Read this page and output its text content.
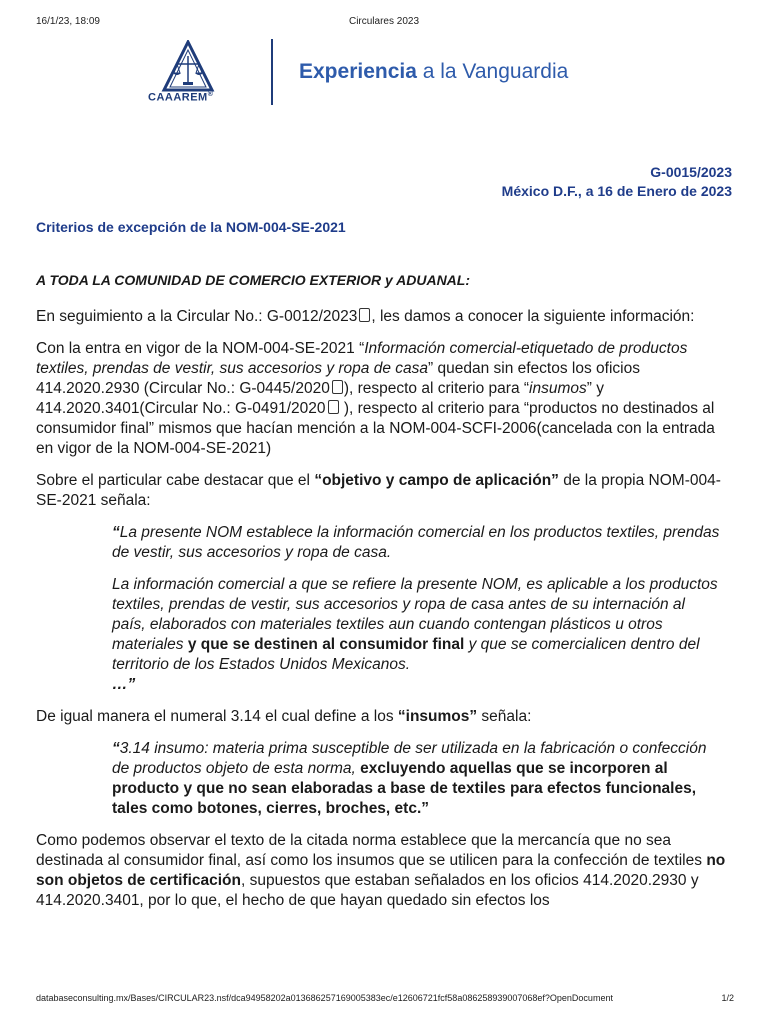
16/1/23, 18:09	Circulares 2023
CAAAREM®
Experiencia a la Vanguardia
G-0015/2023
México D.F., a 16 de Enero de 2023
Criterios de excepción de la NOM-004-SE-2021

A TODA LA COMUNIDAD DE COMERCIO EXTERIOR y ADUANAL:

En seguimiento a la Circular No.: G-0012/2023 , les damos a conocer la siguiente información:

Con la entra en vigor de la NOM-004-SE-2021 “Información comercial-etiquetado de productos textiles, prendas de vestir, sus accesorios y ropa de casa” quedan sin efectos los oficios 414.2020.2930 (Circular No.: G-0445/2020 ), respecto al criterio para “insumos” y 414.2020.3401(Circular No.: G-0491/2020 ), respecto al criterio para “productos no destinados al consumidor final” mismos que hacían mención a la NOM-004-SCFI-2006(cancelada con la entrada en vigor de la NOM-004-SE-2021)

Sobre el particular cabe destacar que el “objetivo y campo de aplicación” de la propia NOM-004-SE-2021 señala:

“La presente NOM establece la información comercial en los productos textiles, prendas de vestir, sus accesorios y ropa de casa.

La información comercial a que se refiere la presente NOM, es aplicable a los productos textiles, prendas de vestir, sus accesorios y ropa de casa antes de su internación al país, elaborados con materiales textiles aun cuando contengan plásticos u otros materiales y que se destinen al consumidor final y que se comercialicen dentro del territorio de los Estados Unidos Mexicanos.
…”

De igual manera el numeral 3.14 el cual define a los “insumos” señala:

“3.14 insumo: materia prima susceptible de ser utilizada en la fabricación o confección de productos objeto de esta norma, excluyendo aquellas que se incorporen al producto y que no sean elaboradas a base de textiles para efectos funcionales, tales como botones, cierres, broches, etc.”

Como podemos observar el texto de la citada norma establece que la mercancía que no sea destinada al consumidor final, así como los insumos que se utilicen para la confección de textiles no son objetos de certificación, supuestos que estaban señalados en los oficios 414.2020.2930 y 414.2020.3401, por lo que, el hecho de que hayan quedado sin efectos los

databaseconsulting.mx/Bases/CIRCULAR23.nsf/dca94958202a0136862571690053​83ec/e12606721fcf58a0​86258939007068ef?OpenDocument	1/2
